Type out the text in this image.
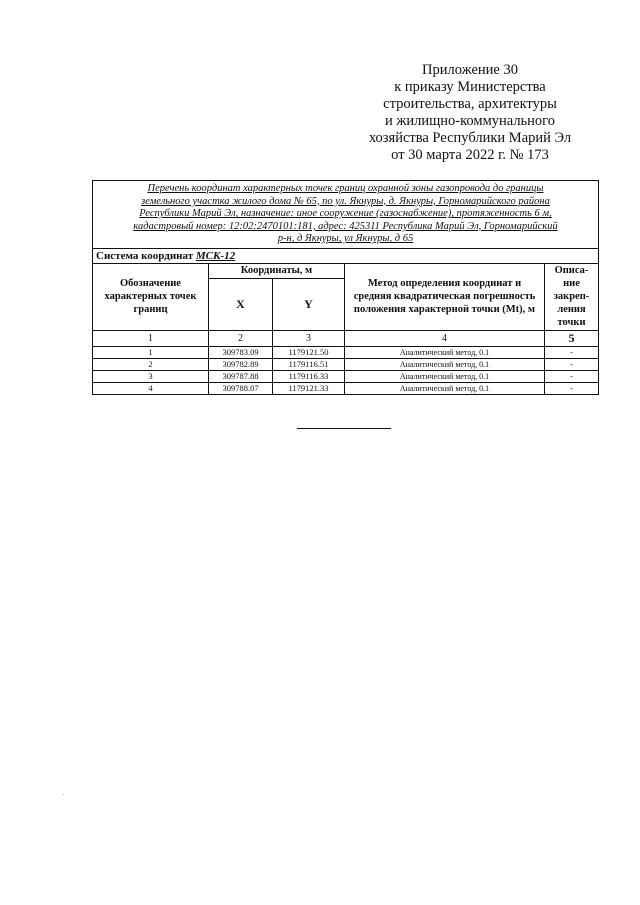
Приложение 30
к приказу Министерства
строительства, архитектуры
и жилищно-коммунального
хозяйства Республики Марий Эл
от 30 марта 2022 г. № 173
Перечень координат характерных точек границ охранной зоны газопровода до границы
земельного участка жилого дома № 65, по ул. Якнуры, д. Якнуры, Горномарийского района
Республики Марий Эл, назначение: иное сооружение (газоснабжение), протяженность 6 м,
кадастровый номер: 12:02:2470101:181, адрес: 425311 Республика Марий Эл, Горномарийский
р-н, д Якнуры, ул Якнуры, д 65				

Система координат МСК-12				
Обозначение характерных точек границ	Координаты, м		Метод определения координат и средняя квадратическая погрешность положения характерной точки (Mt), м	Описа- ние закреп- ления точки
	X	Y		
1	2	3	4	5
1	309783.09	1179121.50	Аналитический метод, 0.1	-
2	309782.89	1179116.51	Аналитический метод, 0.1	-
3	309787.88	1179116.33	Аналитический метод, 0.1	-
4	309788.07	1179121.33	Аналитический метод, 0.1	-
